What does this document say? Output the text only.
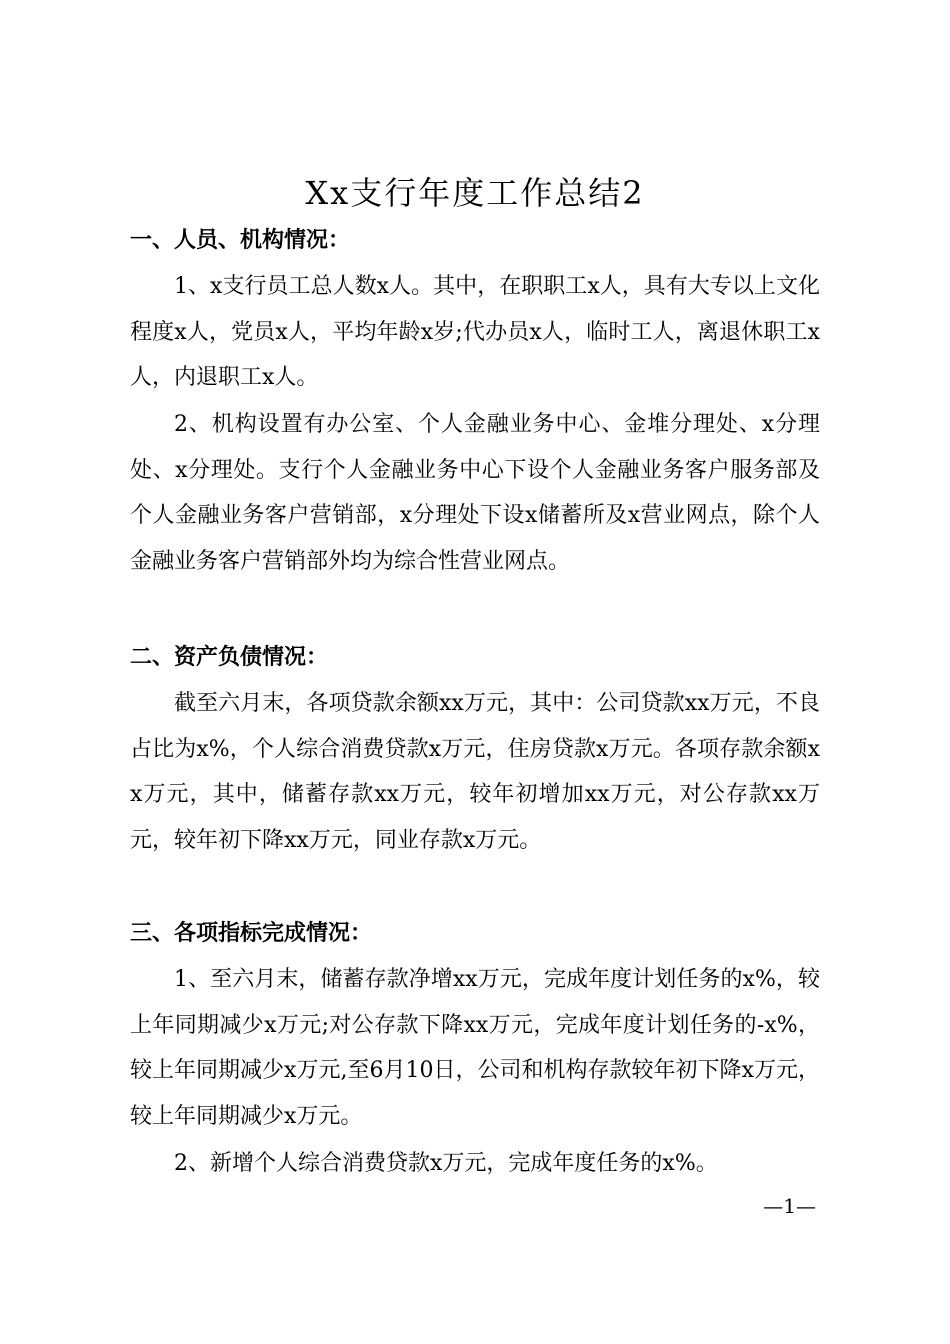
Xx支行年度工作总结2
一、人员、机构情况：

1、x支行员工总人数x人。其中，在职职工x人，具有大专以上文化程度x人，党员x人，平均年龄x岁;代办员x人，临时工人，离退休职工x人，内退职工x人。

2、机构设置有办公室、个人金融业务中心、金堆分理处、x分理处、x分理处。支行个人金融业务中心下设个人金融业务客户服务部及个人金融业务客户营销部，x分理处下设x储蓄所及x营业网点，除个人金融业务客户营销部外均为综合性营业网点。

二、资产负债情况：

截至六月末，各项贷款余额xx万元，其中：公司贷款xx万元，不良占比为x%，个人综合消费贷款x万元，住房贷款x万元。各项存款余额xx万元，其中，储蓄存款xx万元，较年初增加xx万元，对公存款xx万元，较年初下降xx万元，同业存款x万元。

三、各项指标完成情况：

1、至六月末，储蓄存款净增xx万元，完成年度计划任务的x%，较上年同期减少x万元;对公存款下降xx万元，完成年度计划任务的-x%，较上年同期减少x万元,至6月10日，公司和机构存款较年初下降x万元，较上年同期减少x万元。

2、新增个人综合消费贷款x万元，完成年度任务的x%。

—1—
